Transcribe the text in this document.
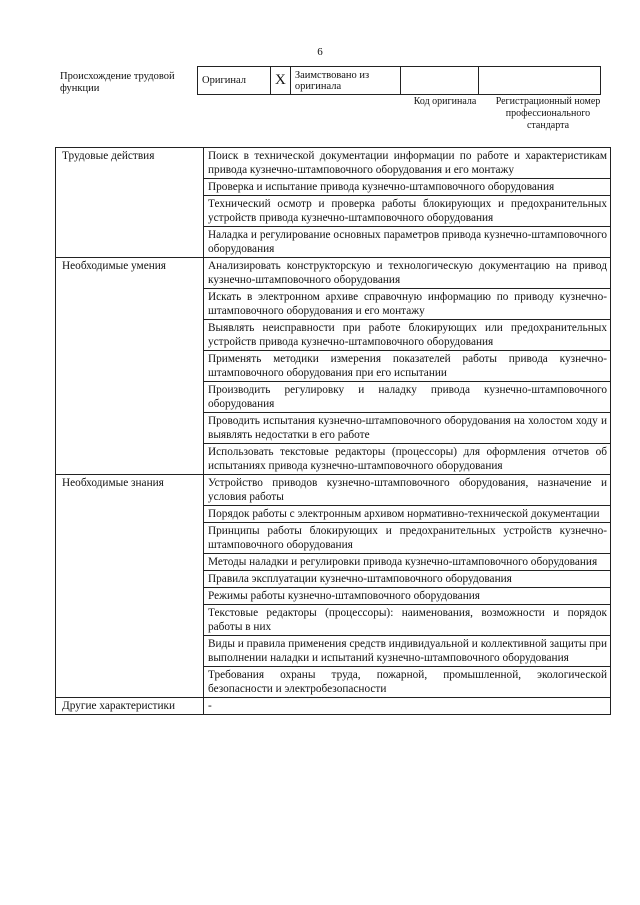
6
Происхождение трудовой функции
Оригинал	X	Заимствовано из оригинала		
Код оригинала	Регистрационный номер профессионального стандарта
Трудовые действия	Поиск в технической документации информации по работе и характеристикам привода кузнечно-штамповочного оборудования и его монтажу
	Проверка и испытание привода кузнечно-штамповочного оборудования
	Технический осмотр и проверка работы блокирующих и предохранительных устройств привода кузнечно-штамповочного оборудования
	Наладка и регулирование основных параметров привода кузнечно-штамповочного оборудования
Необходимые умения	Анализировать конструкторскую и технологическую документацию на привод кузнечно-штамповочного оборудования
	Искать в электронном архиве справочную информацию по приводу кузнечно-штамповочного оборудования и его монтажу
	Выявлять неисправности при работе блокирующих или предохранительных устройств привода кузнечно-штамповочного оборудования
	Применять методики измерения показателей работы привода кузнечно-штамповочного оборудования при его испытании
	Производить регулировку и наладку привода кузнечно-штамповочного оборудования
	Проводить испытания кузнечно-штамповочного оборудования на холостом ходу и выявлять недостатки в его работе
	Использовать текстовые редакторы (процессоры) для оформления отчетов об испытаниях привода кузнечно-штамповочного оборудования
Необходимые знания	Устройство приводов кузнечно-штамповочного оборудования, назначение и условия работы
	Порядок работы с электронным архивом нормативно-технической документации
	Принципы работы блокирующих и предохранительных устройств кузнечно-штамповочного оборудования
	Методы наладки и регулировки привода кузнечно-штамповочного оборудования
	Правила эксплуатации кузнечно-штамповочного оборудования
	Режимы работы кузнечно-штамповочного оборудования
	Текстовые редакторы (процессоры): наименования, возможности и порядок работы в них
	Виды и правила применения средств индивидуальной и коллективной защиты при выполнении наладки и испытаний кузнечно-штамповочного оборудования
	Требования охраны труда, пожарной, промышленной, экологической безопасности и электробезопасности
Другие характеристики	-
